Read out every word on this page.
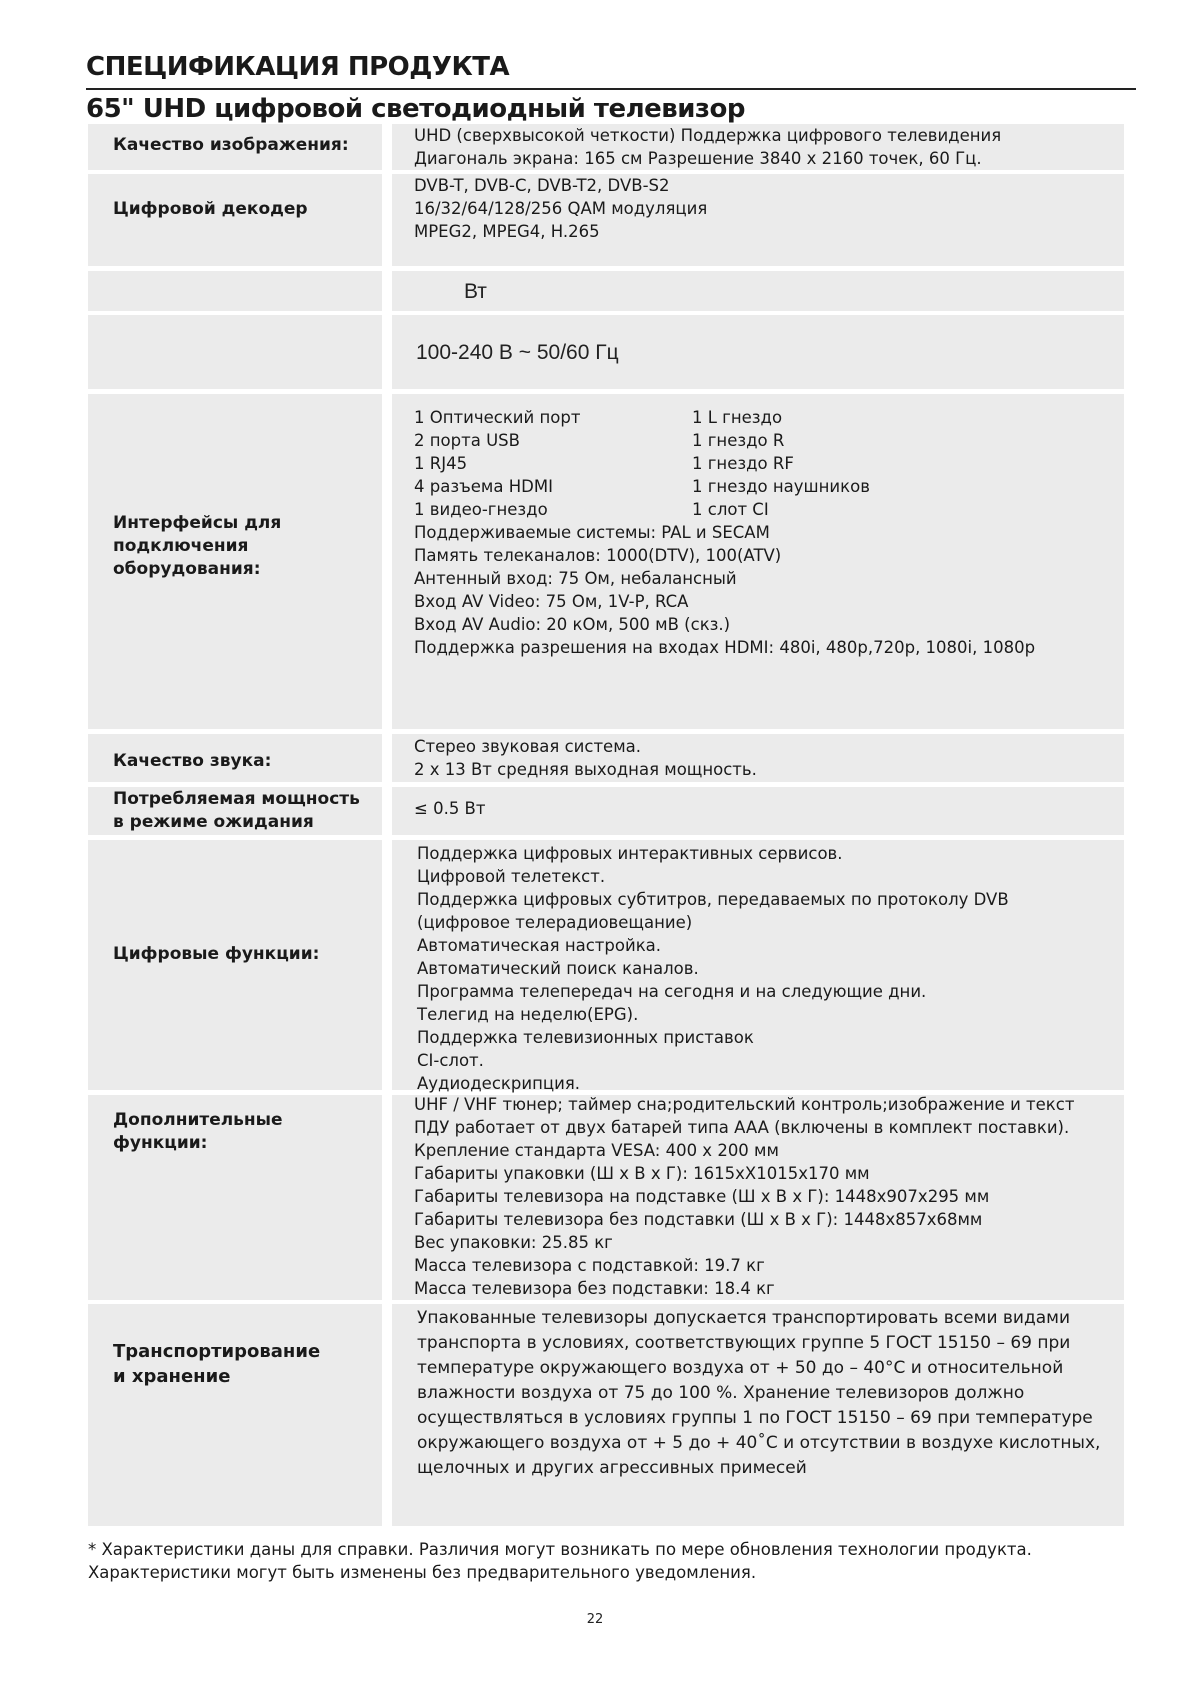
СПЕЦИФИКАЦИЯ ПРОДУКТА
65" UHD цифровой светодиодный телевизор
Качество изображения:	UHD (сверхвысокой четкости) Поддержка цифрового телевидения
Диагональ экрана: 165 см Разрешение 3840 x 2160 точек, 60 Гц.
Цифровой декодер
DVB-T, DVB-C, DVB-T2, DVB-S2
16/32/64/128/256 QAM модуляция
MPEG2, MPEG4, H.265
Вт
100-240 В ~ 50/60 Гц
Интерфейсы для
подключения
оборудования:
1 Оптический порт
2 порта USB
1 RJ45
4 разъема HDMI
1 видео-гнездо
1 L гнездо
1 гнездо R
1 гнездо RF
1 гнездо наушников
1 слот CI
Поддерживаемые системы: PAL и SECAM
Память телеканалов: 1000(DTV), 100(ATV)
Антенный вход: 75 Ом, небалансный
Вход AV Video: 75 Ом, 1V-P, RCA
Вход AV Audio: 20 кОм, 500 мВ (скз.)
Поддержка разрешения на входах HDMI: 480i, 480p,720p, 1080i, 1080p
Качество звука:
Стерео звуковая система.
2 x 13 Вт средняя выходная мощность.
Потребляемая мощность
в режиме ожидания
≤ 0.5 Вт
Цифровые функции:
Поддержка цифровых интерактивных сервисов.
Цифровой телетекст.
Поддержка цифровых субтитров, передаваемых по протоколу DVB
(цифровое телерадиовещание)
Автоматическая настройка.
Автоматический поиск каналов.
Программа телепередач на сегодня и на следующие дни.
Телегид на неделю(EPG).
Поддержка телевизионных приставок
CI-слот.
Аудиодескрипция.
Дополнительные
функции:
UHF / VHF тюнер; таймер сна;родительский контроль;изображение и текст
ПДУ работает от двух батарей типа AAA (включены в комплект поставки).
Крепление стандарта VESA: 400 x 200 мм
Габариты упаковки (Ш x В x Г): 1615xX1015x170 мм
Габариты телевизора на подставке (Ш x В x Г): 1448x907x295 мм
Габариты телевизора без подставки (Ш x В x Г): 1448x857x68мм
Вес упаковки: 25.85 кг
Масса телевизора с подставкой: 19.7 кг
Масса телевизора без подставки: 18.4 кг
Транспортирование
и хранение
Упакованные телевизоры допускается транспортировать всеми видами
транспорта в условиях, соответствующих группе 5 ГОСТ 15150 – 69 при
температуре окружающего воздуха от + 50 до – 40°C и относительной
влажности воздуха от 75 до 100 %. Хранение телевизоров должно
осуществляться в условиях группы 1 по ГОСТ 15150 – 69 при температуре
окружающего воздуха от + 5 до + 40˚С и отсутствии в воздухе кислотных,
щелочных и других агрессивных примесей
* Характеристики даны для справки. Различия могут возникать по мере обновления технологии продукта.
Характеристики могут быть изменены без предварительного уведомления.
22
